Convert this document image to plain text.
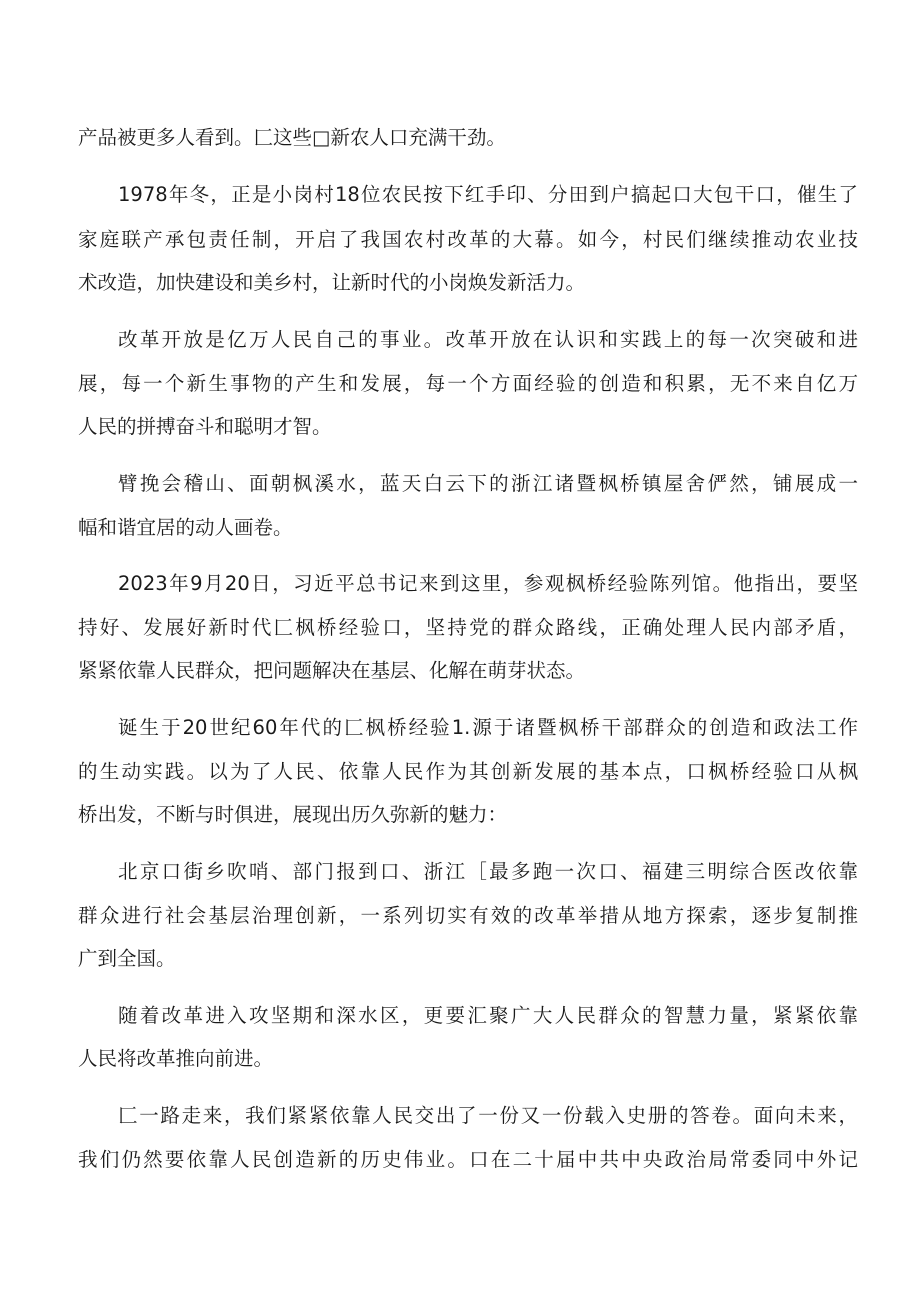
产品被更多人看到。匚这些□新农人口充满干劲。
1978年冬，正是小岗村18位农民按下红手印、分田到户搞起口大包干口，催生了
家庭联产承包责任制，开启了我国农村改革的大幕。如今，村民们继续推动农业技
术改造，加快建设和美乡村，让新时代的小岗焕发新活力。
改革开放是亿万人民自己的事业。改革开放在认识和实践上的每一次突破和进
展，每一个新生事物的产生和发展，每一个方面经验的创造和积累，无不来自亿万
人民的拼搏奋斗和聪明才智。
臂挽会稽山、面朝枫溪水，蓝天白云下的浙江诸暨枫桥镇屋舍俨然，铺展成一
幅和谐宜居的动人画卷。
2023年9月20日，习近平总书记来到这里，参观枫桥经验陈列馆。他指出，要坚
持好、发展好新时代匚枫桥经验口，坚持党的群众路线，正确处理人民内部矛盾，
紧紧依靠人民群众，把问题解决在基层、化解在萌芽状态。
诞生于20世纪60年代的匚枫桥经验1.源于诸暨枫桥干部群众的创造和政法工作
的生动实践。以为了人民、依靠人民作为其创新发展的基本点，口枫桥经验口从枫
桥出发，不断与时俱进，展现出历久弥新的魅力：
北京口街乡吹哨、部门报到口、浙江［最多跑一次口、福建三明综合医改依靠
群众进行社会基层治理创新，一系列切实有效的改革举措从地方探索，逐步复制推
广到全国。
随着改革进入攻坚期和深水区，更要汇聚广大人民群众的智慧力量，紧紧依靠
人民将改革推向前进。
匚一路走来，我们紧紧依靠人民交出了一份又一份载入史册的答卷。面向未来，
我们仍然要依靠人民创造新的历史伟业。口在二十届中共中央政治局常委同中外记
